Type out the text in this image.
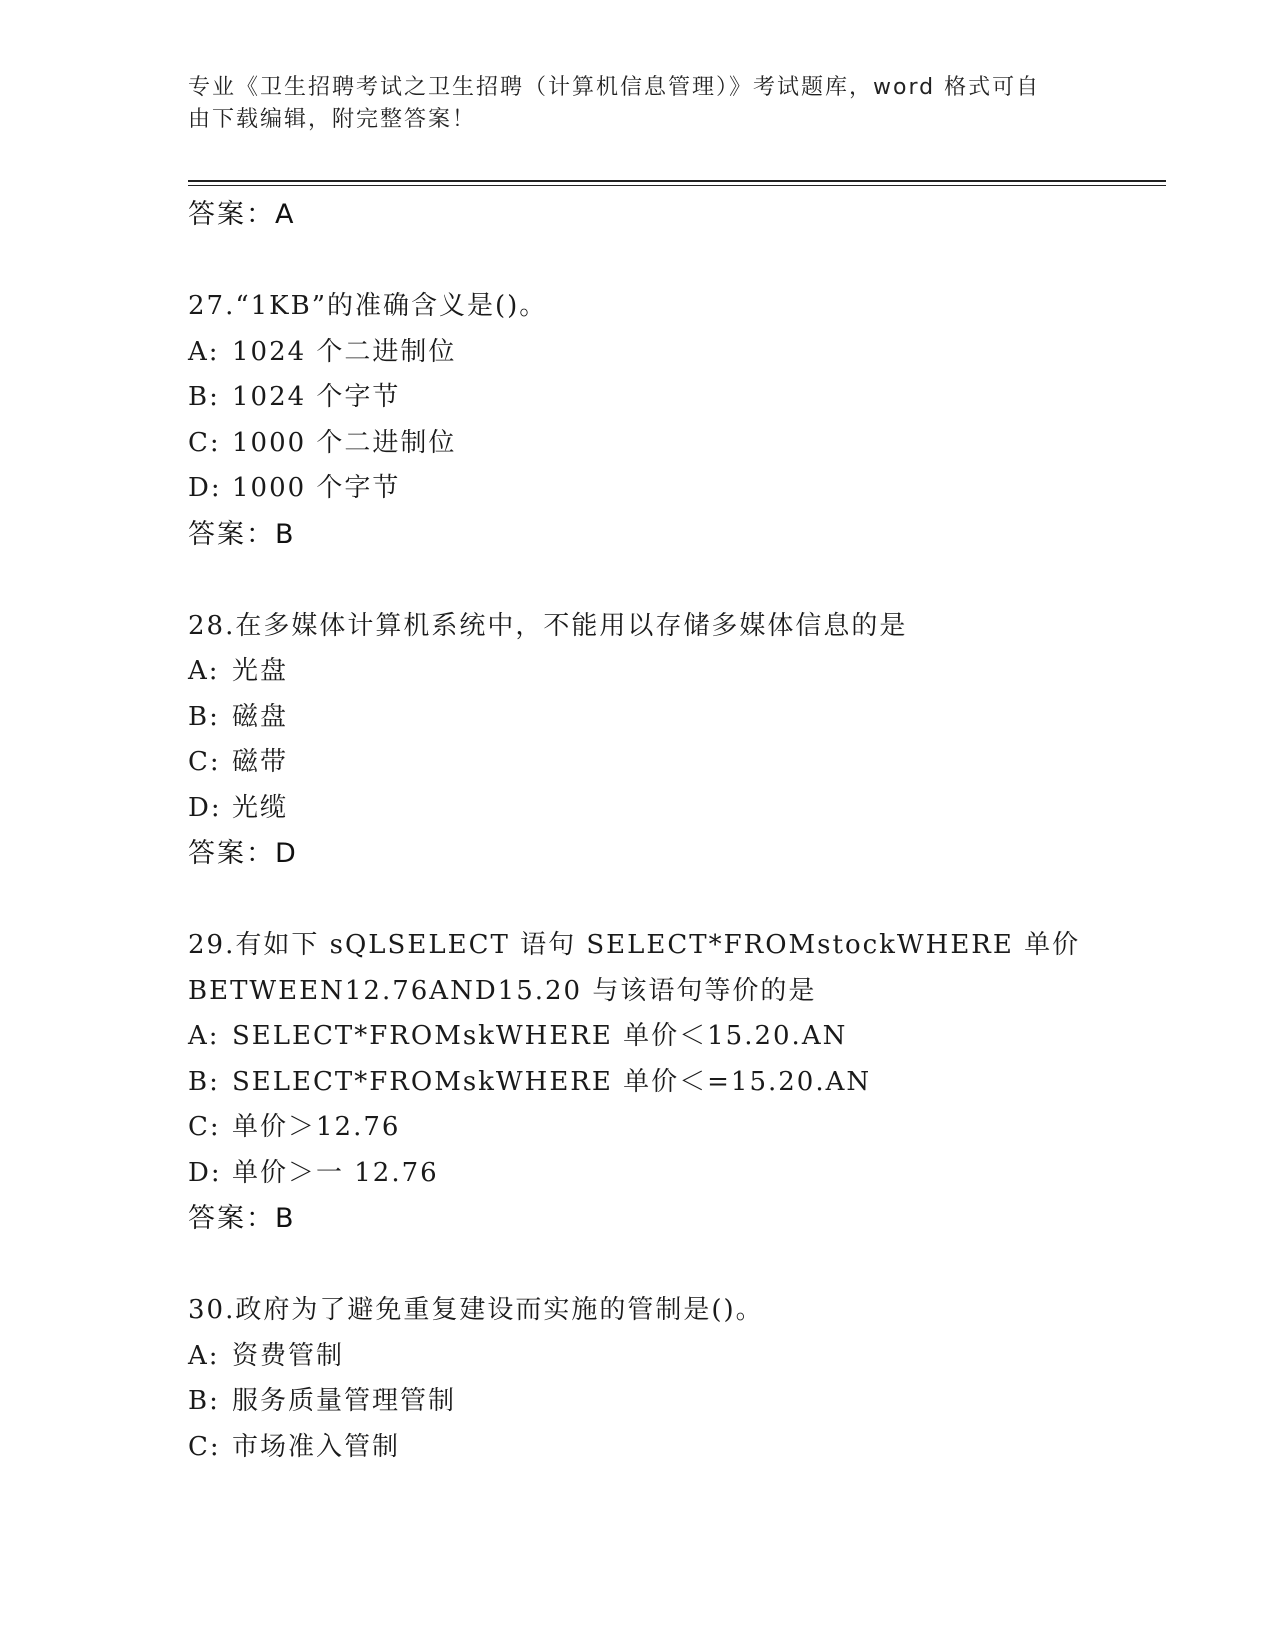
专业《卫生招聘考试之卫生招聘（计算机信息管理）》考试题库，word 格式可自
由下载编辑，附完整答案！
答案：A
27.“1KB”的准确含义是()。
A: 1024 个二进制位
B: 1024 个字节
C: 1000 个二进制位
D: 1000 个字节
答案：B
28.在多媒体计算机系统中，不能用以存储多媒体信息的是
A: 光盘
B: 磁盘
C: 磁带
D: 光缆
答案：D
29.有如下 sQLSELECT 语句 SELECT*FROMstockWHERE 单价
BETWEEN12.76AND15.20 与该语句等价的是
A: SELECT*FROMskWHERE 单价＜15.20.AN
B: SELECT*FROMskWHERE 单价＜=15.20.AN
C: 单价＞12.76
D: 单价＞一 12.76
答案：B
30.政府为了避免重复建设而实施的管制是()。
A: 资费管制
B: 服务质量管理管制
C: 市场准入管制
